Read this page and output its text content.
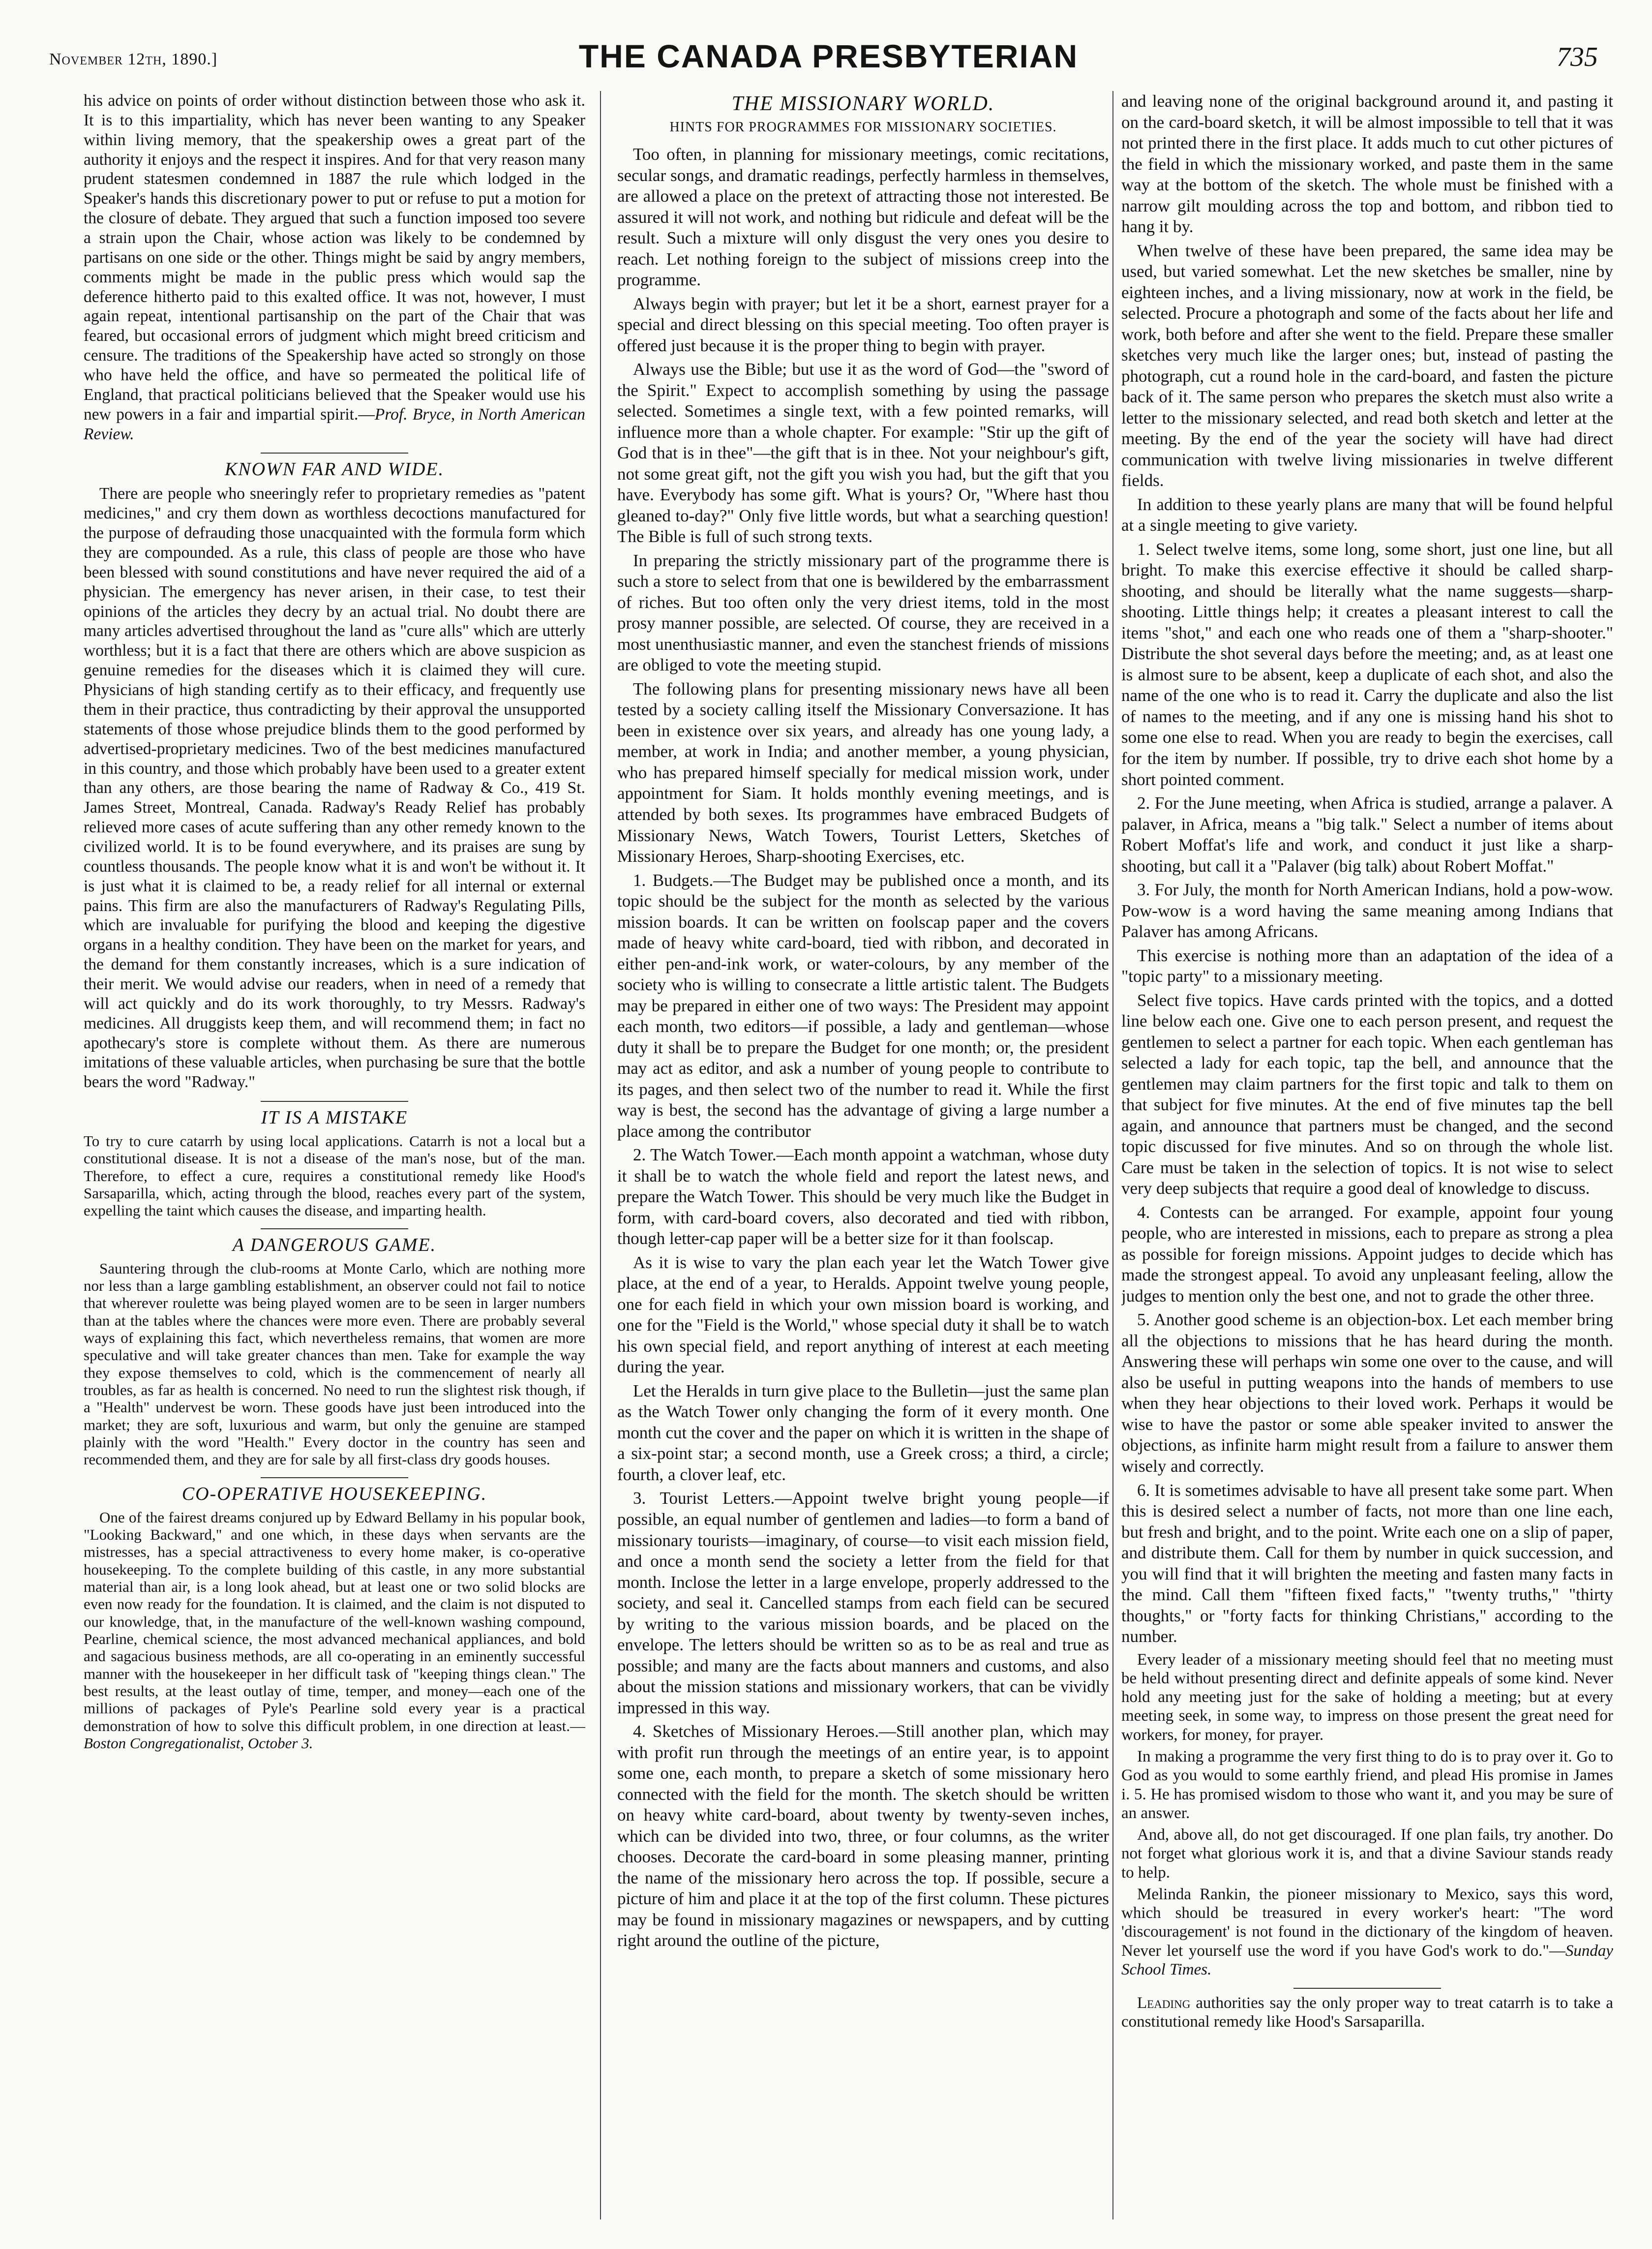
November 12th, 1890.]	THE CANADA PRESBYTERIAN	735

his advice on points of order without distinction between those who ask it. It is to this impartiality, which has never been wanting to any Speaker within living memory, that the speakership owes a great part of the authority it enjoys and the respect it inspires. And for that very reason many prudent statesmen condemned in 1887 the rule which lodged in the Speaker's hands this discretionary power to put or refuse to put a motion for the closure of debate. They argued that such a function imposed too severe a strain upon the Chair, whose action was likely to be condemned by partisans on one side or the other. Things might be said by angry members, comments might be made in the public press which would sap the deference hitherto paid to this exalted office. It was not, however, I must again repeat, intentional partisanship on the part of the Chair that was feared, but occasional errors of judgment which might breed criticism and censure. The traditions of the Speakership have acted so strongly on those who have held the office, and have so permeated the political life of England, that practical politicians believed that the Speaker would use his new powers in a fair and impartial spirit.—Prof. Bryce, in North American Review.

KNOWN FAR AND WIDE.

There are people who sneeringly refer to proprietary remedies as "patent medicines," and cry them down as worthless decoctions manufactured for the purpose of defrauding those unacquainted with the formula form which they are compounded. As a rule, this class of people are those who have been blessed with sound constitutions and have never required the aid of a physician. The emergency has never arisen, in their case, to test their opinions of the articles they decry by an actual trial. No doubt there are many articles advertised throughout the land as "cure alls" which are utterly worthless; but it is a fact that there are others which are above suspicion as genuine remedies for the diseases which it is claimed they will cure. Physicians of high standing certify as to their efficacy, and frequently use them in their practice, thus contradicting by their approval the unsupported statements of those whose prejudice blinds them to the good performed by advertised-proprietary medicines. Two of the best medicines manufactured in this country, and those which probably have been used to a greater extent than any others, are those bearing the name of Radway & Co., 419 St. James Street, Montreal, Canada. Radway's Ready Relief has probably relieved more cases of acute suffering than any other remedy known to the civilized world. It is to be found everywhere, and its praises are sung by countless thousands. The people know what it is and won't be without it. It is just what it is claimed to be, a ready relief for all internal or external pains. This firm are also the manufacturers of Radway's Regulating Pills, which are invaluable for purifying the blood and keeping the digestive organs in a healthy condition. They have been on the market for years, and the demand for them constantly increases, which is a sure indication of their merit. We would advise our readers, when in need of a remedy that will act quickly and do its work thoroughly, to try Messrs. Radway's medicines. All druggists keep them, and will recommend them; in fact no apothecary's store is complete without them. As there are numerous imitations of these valuable articles, when purchasing be sure that the bottle bears the word "Radway."

IT IS A MISTAKE

To try to cure catarrh by using local applications. Catarrh is not a local but a constitutional disease. It is not a disease of the man's nose, but of the man. Therefore, to effect a cure, requires a constitutional remedy like Hood's Sarsaparilla, which, acting through the blood, reaches every part of the system, expelling the taint which causes the disease, and imparting health.

A DANGEROUS GAME.

Sauntering through the club-rooms at Monte Carlo, which are nothing more nor less than a large gambling establishment, an observer could not fail to notice that wherever roulette was being played women are to be seen in larger numbers than at the tables where the chances were more even. There are probably several ways of explaining this fact, which nevertheless remains, that women are more speculative and will take greater chances than men. Take for example the way they expose themselves to cold, which is the commencement of nearly all troubles, as far as health is concerned. No need to run the slightest risk though, if a "Health" undervest be worn. These goods have just been introduced into the market; they are soft, luxurious and warm, but only the genuine are stamped plainly with the word "Health." Every doctor in the country has seen and recommended them, and they are for sale by all first-class dry goods houses.

CO-OPERATIVE HOUSEKEEPING.

One of the fairest dreams conjured up by Edward Bellamy in his popular book, "Looking Backward," and one which, in these days when servants are the mistresses, has a special attractiveness to every home maker, is co-operative housekeeping. To the complete building of this castle, in any more substantial material than air, is a long look ahead, but at least one or two solid blocks are even now ready for the foundation. It is claimed, and the claim is not disputed to our knowledge, that, in the manufacture of the well-known washing compound, Pearline, chemical science, the most advanced mechanical appliances, and bold and sagacious business methods, are all co-operating in an eminently successful manner with the housekeeper in her difficult task of "keeping things clean." The best results, at the least outlay of time, temper, and money—each one of the millions of packages of Pyle's Pearline sold every year is a practical demonstration of how to solve this difficult problem, in one direction at least.—Boston Congregationalist, October 3.

THE MISSIONARY WORLD.
HINTS FOR PROGRAMMES FOR MISSIONARY SOCIETIES.

Too often, in planning for missionary meetings, comic recitations, secular songs, and dramatic readings, perfectly harmless in themselves, are allowed a place on the pretext of attracting those not interested. Be assured it will not work, and nothing but ridicule and defeat will be the result. Such a mixture will only disgust the very ones you desire to reach. Let nothing foreign to the subject of missions creep into the programme.

Always begin with prayer; but let it be a short, earnest prayer for a special and direct blessing on this special meeting. Too often prayer is offered just because it is the proper thing to begin with prayer.

Always use the Bible; but use it as the word of God—the "sword of the Spirit." Expect to accomplish something by using the passage selected. Sometimes a single text, with a few pointed remarks, will influence more than a whole chapter. For example: "Stir up the gift of God that is in thee"—the gift that is in thee. Not your neighbour's gift, not some great gift, not the gift you wish you had, but the gift that you have. Everybody has some gift. What is yours? Or, "Where hast thou gleaned to-day?" Only five little words, but what a searching question! The Bible is full of such strong texts.

In preparing the strictly missionary part of the programme there is such a store to select from that one is bewildered by the embarrassment of riches. But too often only the very driest items, told in the most prosy manner possible, are selected. Of course, they are received in a most unenthusiastic manner, and even the stanchest friends of missions are obliged to vote the meeting stupid.

The following plans for presenting missionary news have all been tested by a society calling itself the Missionary Conversazione. It has been in existence over six years, and already has one young lady, a member, at work in India; and another member, a young physician, who has prepared himself specially for medical mission work, under appointment for Siam. It holds monthly evening meetings, and is attended by both sexes. Its programmes have embraced Budgets of Missionary News, Watch Towers, Tourist Letters, Sketches of Missionary Heroes, Sharp-shooting Exercises, etc.

1. Budgets.—The Budget may be published once a month, and its topic should be the subject for the month as selected by the various mission boards. It can be written on foolscap paper and the covers made of heavy white card-board, tied with ribbon, and decorated in either pen-and-ink work, or water-colours, by any member of the society who is willing to consecrate a little artistic talent. The Budgets may be prepared in either one of two ways: The President may appoint each month, two editors—if possible, a lady and gentleman—whose duty it shall be to prepare the Budget for one month; or, the president may act as editor, and ask a number of young people to contribute to its pages, and then select two of the number to read it. While the first way is best, the second has the advantage of giving a large number a place among the contributor

2. The Watch Tower.—Each month appoint a watchman, whose duty it shall be to watch the whole field and report the latest news, and prepare the Watch Tower. This should be very much like the Budget in form, with card-board covers, also decorated and tied with ribbon, though letter-cap paper will be a better size for it than foolscap.

As it is wise to vary the plan each year let the Watch Tower give place, at the end of a year, to Heralds. Appoint twelve young people, one for each field in which your own mission board is working, and one for the "Field is the World," whose special duty it shall be to watch his own special field, and report anything of interest at each meeting during the year.

Let the Heralds in turn give place to the Bulletin—just the same plan as the Watch Tower only changing the form of it every month. One month cut the cover and the paper on which it is written in the shape of a six-point star; a second month, use a Greek cross; a third, a circle; fourth, a clover leaf, etc.

3. Tourist Letters.—Appoint twelve bright young people—if possible, an equal number of gentlemen and ladies—to form a band of missionary tourists—imaginary, of course—to visit each mission field, and once a month send the society a letter from the field for that month. Inclose the letter in a large envelope, properly addressed to the society, and seal it. Cancelled stamps from each field can be secured by writing to the various mission boards, and be placed on the envelope. The letters should be written so as to be as real and true as possible; and many are the facts about manners and customs, and also about the mission stations and missionary workers, that can be vividly impressed in this way.

4. Sketches of Missionary Heroes.—Still another plan, which may with profit run through the meetings of an entire year, is to appoint some one, each month, to prepare a sketch of some missionary hero connected with the field for the month. The sketch should be written on heavy white card-board, about twenty by twenty-seven inches, which can be divided into two, three, or four columns, as the writer chooses. Decorate the card-board in some pleasing manner, printing the name of the missionary hero across the top. If possible, secure a picture of him and place it at the top of the first column. These pictures may be found in missionary magazines or newspapers, and by cutting right around the outline of the picture,

and leaving none of the original background around it, and pasting it on the card-board sketch, it will be almost impossible to tell that it was not printed there in the first place. It adds much to cut other pictures of the field in which the missionary worked, and paste them in the same way at the bottom of the sketch. The whole must be finished with a narrow gilt moulding across the top and bottom, and ribbon tied to hang it by.

When twelve of these have been prepared, the same idea may be used, but varied somewhat. Let the new sketches be smaller, nine by eighteen inches, and a living missionary, now at work in the field, be selected. Procure a photograph and some of the facts about her life and work, both before and after she went to the field. Prepare these smaller sketches very much like the larger ones; but, instead of pasting the photograph, cut a round hole in the card-board, and fasten the picture back of it. The same person who prepares the sketch must also write a letter to the missionary selected, and read both sketch and letter at the meeting. By the end of the year the society will have had direct communication with twelve living missionaries in twelve different fields.

In addition to these yearly plans are many that will be found helpful at a single meeting to give variety.

1. Select twelve items, some long, some short, just one line, but all bright. To make this exercise effective it should be called sharp-shooting, and should be literally what the name suggests—sharp-shooting. Little things help; it creates a pleasant interest to call the items "shot," and each one who reads one of them a "sharp-shooter." Distribute the shot several days before the meeting; and, as at least one is almost sure to be absent, keep a duplicate of each shot, and also the name of the one who is to read it. Carry the duplicate and also the list of names to the meeting, and if any one is missing hand his shot to some one else to read. When you are ready to begin the exercises, call for the item by number. If possible, try to drive each shot home by a short pointed comment.

2. For the June meeting, when Africa is studied, arrange a palaver. A palaver, in Africa, means a "big talk." Select a number of items about Robert Moffat's life and work, and conduct it just like a sharp-shooting, but call it a "Palaver (big talk) about Robert Moffat."

3. For July, the month for North American Indians, hold a pow-wow. Pow-wow is a word having the same meaning among Indians that Palaver has among Africans.

This exercise is nothing more than an adaptation of the idea of a "topic party" to a missionary meeting.

Select five topics. Have cards printed with the topics, and a dotted line below each one. Give one to each person present, and request the gentlemen to select a partner for each topic. When each gentleman has selected a lady for each topic, tap the bell, and announce that the gentlemen may claim partners for the first topic and talk to them on that subject for five minutes. At the end of five minutes tap the bell again, and announce that partners must be changed, and the second topic discussed for five minutes. And so on through the whole list. Care must be taken in the selection of topics. It is not wise to select very deep subjects that require a good deal of knowledge to discuss.

4. Contests can be arranged. For example, appoint four young people, who are interested in missions, each to prepare as strong a plea as possible for foreign missions. Appoint judges to decide which has made the strongest appeal. To avoid any unpleasant feeling, allow the judges to mention only the best one, and not to grade the other three.

5. Another good scheme is an objection-box. Let each member bring all the objections to missions that he has heard during the month. Answering these will perhaps win some one over to the cause, and will also be useful in putting weapons into the hands of members to use when they hear objections to their loved work. Perhaps it would be wise to have the pastor or some able speaker invited to answer the objections, as infinite harm might result from a failure to answer them wisely and correctly.

6. It is sometimes advisable to have all present take some part. When this is desired select a number of facts, not more than one line each, but fresh and bright, and to the point. Write each one on a slip of paper, and distribute them. Call for them by number in quick succession, and you will find that it will brighten the meeting and fasten many facts in the mind. Call them "fifteen fixed facts," "twenty truths," "thirty thoughts," or "forty facts for thinking Christians," according to the number.

Every leader of a missionary meeting should feel that no meeting must be held without presenting direct and definite appeals of some kind. Never hold any meeting just for the sake of holding a meeting; but at every meeting seek, in some way, to impress on those present the great need for workers, for money, for prayer.

In making a programme the very first thing to do is to pray over it. Go to God as you would to some earthly friend, and plead His promise in James i. 5. He has promised wisdom to those who want it, and you may be sure of an answer.

And, above all, do not get discouraged. If one plan fails, try another. Do not forget what glorious work it is, and that a divine Saviour stands ready to help.

Melinda Rankin, the pioneer missionary to Mexico, says this word, which should be treasured in every worker's heart: "The word 'discouragement' is not found in the dictionary of the kingdom of heaven. Never let yourself use the word if you have God's work to do."—Sunday School Times.

Leading authorities say the only proper way to treat catarrh is to take a constitutional remedy like Hood's Sarsaparilla.
